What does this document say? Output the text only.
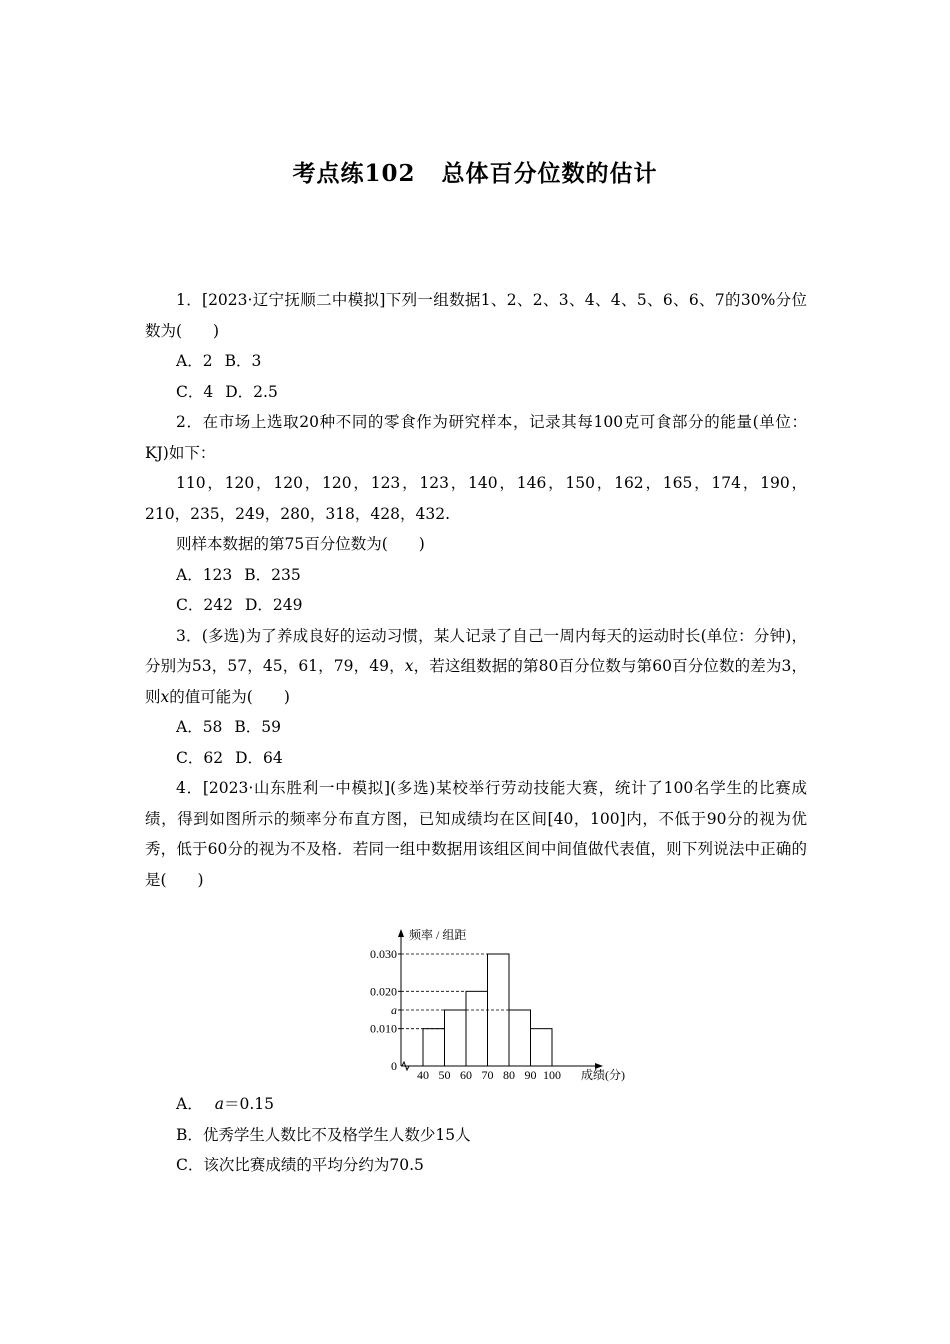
考点练102 总体百分位数的估计

1．[2023·辽宁抚顺二中模拟]下列一组数据1、2、2、3、4、4、5、6、6、7的30%分位数为(　　)

A．2 B．3

C．4 D．2.5

2．在市场上选取20种不同的零食作为研究样本，记录其每100克可食部分的能量(单位：KJ)如下：

110，120，120，120，123，123，140，146，150，162，165，174，190，210，235，249，280，318，428，432.

则样本数据的第75百分位数为(　　)

A．123 B．235

C．242 D．249

3．(多选)为了养成良好的运动习惯，某人记录了自己一周内每天的运动时长(单位：分钟)，分别为53，57，45，61，79，49，x，若这组数据的第80百分位数与第60百分位数的差为3，则x的值可能为(　　)

A．58 B．59

C．62 D．64

4．[2023·山东胜利一中模拟](多选)某校举行劳动技能大赛，统计了100名学生的比赛成绩，得到如图所示的频率分布直方图，已知成绩均在区间[40，100]内，不低于90分的视为优秀，低于60分的视为不及格．若同一组中数据用该组区间中间值做代表值，则下列说法中正确的是(　　)

0.010
a
0.020
0.030
0
40 50 60 70 80 90 100 成绩(分)
频率 / 组距

A． a＝0.15

B．优秀学生人数比不及格学生人数少15人

C．该次比赛成绩的平均分约为70.5
